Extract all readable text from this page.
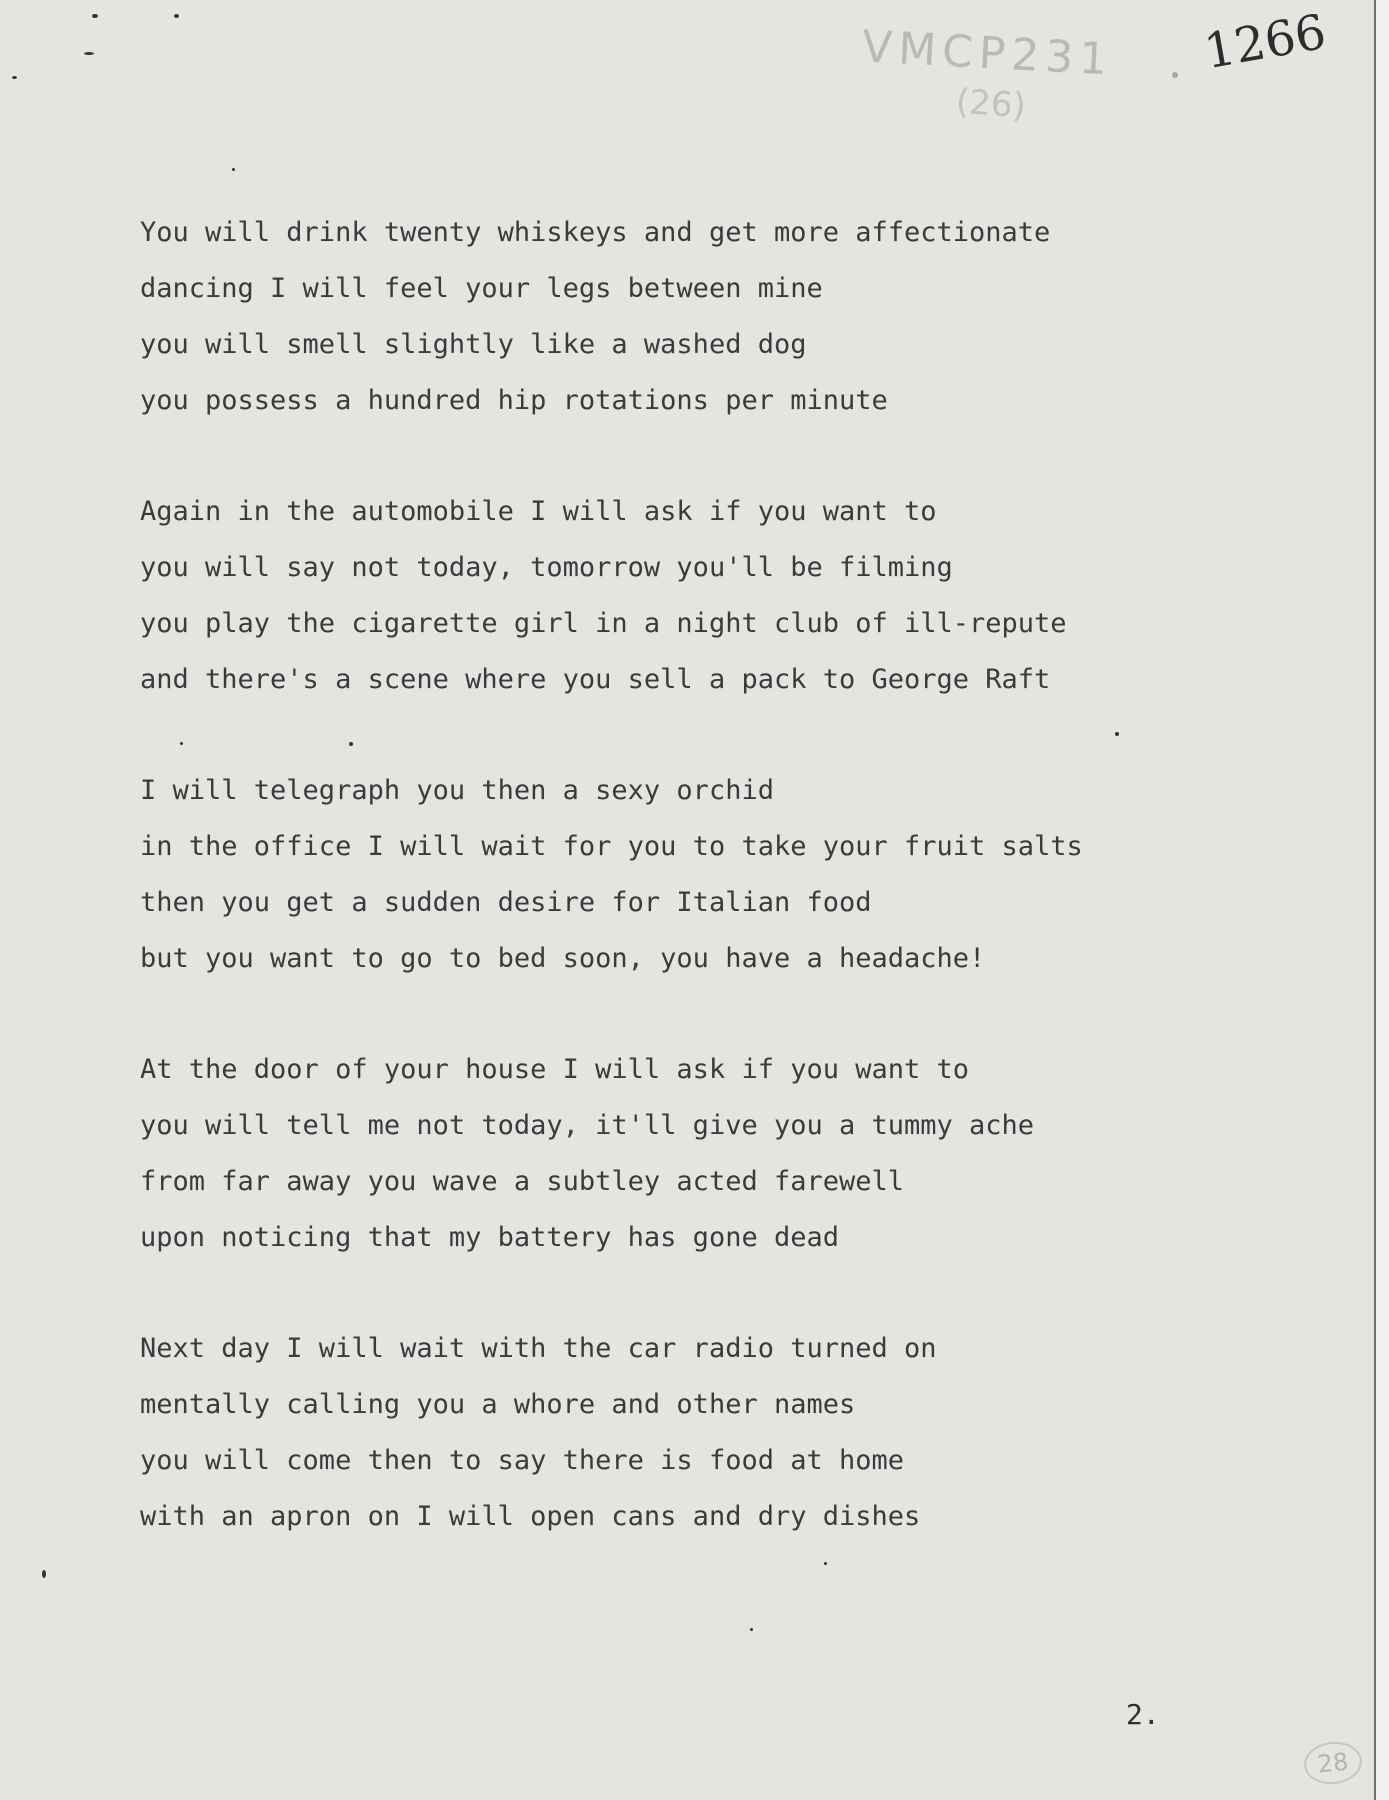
VMCP231
(26)
1266
You will drink twenty whiskeys and get more affectionate
dancing I will feel your legs between mine
you will smell slightly like a washed dog
you possess a hundred hip rotations per minute
Again in the automobile I will ask if you want to
you will say not today, tomorrow you'll be filming
you play the cigarette girl in a night club of ill-repute
and there's a scene where you sell a pack to George Raft
I will telegraph you then a sexy orchid
in the office I will wait for you to take your fruit salts
then you get a sudden desire for Italian food
but you want to go to bed soon, you have a headache!
At the door of your house I will ask if you want to
you will tell me not today, it'll give you a tummy ache
from far away you wave a subtley acted farewell
upon noticing that my battery has gone dead
Next day I will wait with the car radio turned on
mentally calling you a whore and other names
you will come then to say there is food at home
with an apron on I will open cans and dry dishes
2.
28
